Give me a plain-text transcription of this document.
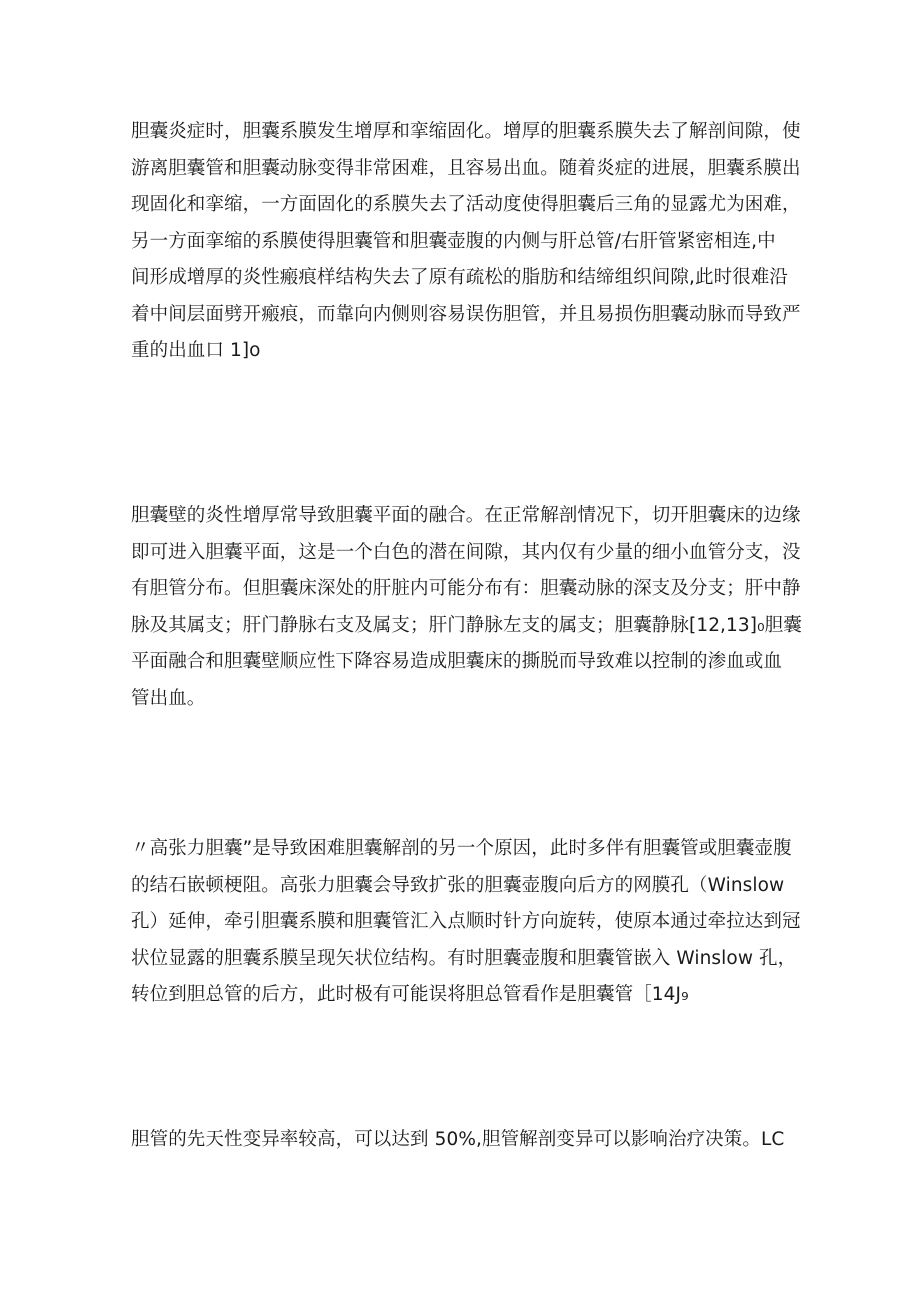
胆囊炎症时，胆囊系膜发生增厚和挛缩固化。增厚的胆囊系膜失去了解剖间隙，使
游离胆囊管和胆囊动脉变得非常困难，且容易出血。随着炎症的进展，胆囊系膜出
现固化和挛缩，一方面固化的系膜失去了活动度使得胆囊后三角的显露尤为困难，
另一方面挛缩的系膜使得胆囊管和胆囊壶腹的内侧与肝总管/右肝管紧密相连,中
间形成增厚的炎性瘢痕样结构失去了原有疏松的脂肪和结缔组织间隙,此时很难沿
着中间层面劈开瘢痕，而靠向内侧则容易误伤胆管，并且易损伤胆囊动脉而导致严
重的出血口 1]o
胆囊壁的炎性增厚常导致胆囊平面的融合。在正常解剖情况下，切开胆囊床的边缘
即可进入胆囊平面，这是一个白色的潜在间隙，其内仅有少量的细小血管分支，没
有胆管分布。但胆囊床深处的肝脏内可能分布有：胆囊动脉的深支及分支；肝中静
脉及其属支；肝门静脉右支及属支；肝门静脉左支的属支；胆囊静脉[12,13]₀胆囊
平面融合和胆囊壁顺应性下降容易造成胆囊床的撕脱而导致难以控制的渗血或血
管出血。
〃高张力胆囊”是导致困难胆囊解剖的另一个原因，此时多伴有胆囊管或胆囊壶腹
的结石嵌顿梗阻。高张力胆囊会导致扩张的胆囊壶腹向后方的网膜孔（Winslow
孔）延伸，牵引胆囊系膜和胆囊管汇入点顺时针方向旋转，使原本通过牵拉达到冠
状位显露的胆囊系膜呈现矢状位结构。有时胆囊壶腹和胆囊管嵌入 Winslow 孔，
转位到胆总管的后方，此时极有可能误将胆总管看作是胆囊管［14J₉
胆管的先天性变异率较高，可以达到 50%,胆管解剖变异可以影响治疗决策。LC
